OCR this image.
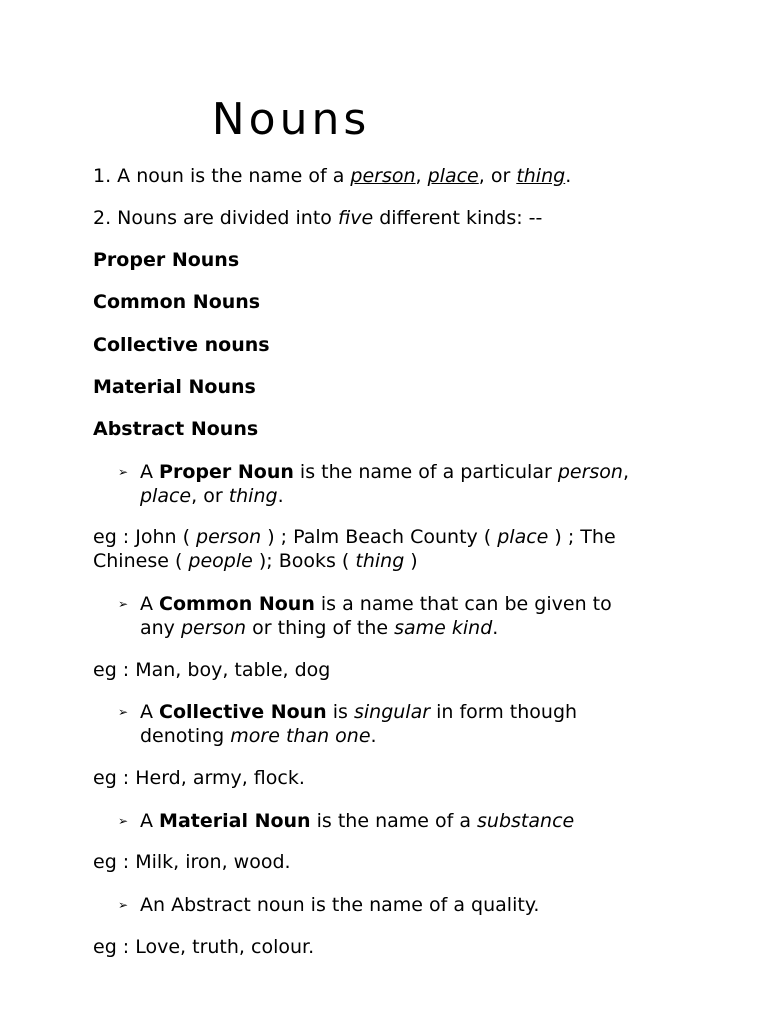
Nouns
1. A noun is the name of a person, place, or thing.
2. Nouns are divided into five different kinds: --
Proper Nouns
Common Nouns
Collective nouns
Material Nouns
Abstract Nouns
➢ A Proper Noun is the name of a particular person,
place, or thing.
eg : John ( person ) ; Palm Beach County ( place ) ; The
Chinese ( people ); Books ( thing )
➢ A Common Noun is a name that can be given to
any person or thing of the same kind.
eg : Man, boy, table, dog
➢ A Collective Noun is singular in form though
denoting more than one.
eg : Herd, army, flock.
➢ A Material Noun is the name of a substance
eg : Milk, iron, wood.
➢ An Abstract noun is the name of a quality.
eg : Love, truth, colour.
